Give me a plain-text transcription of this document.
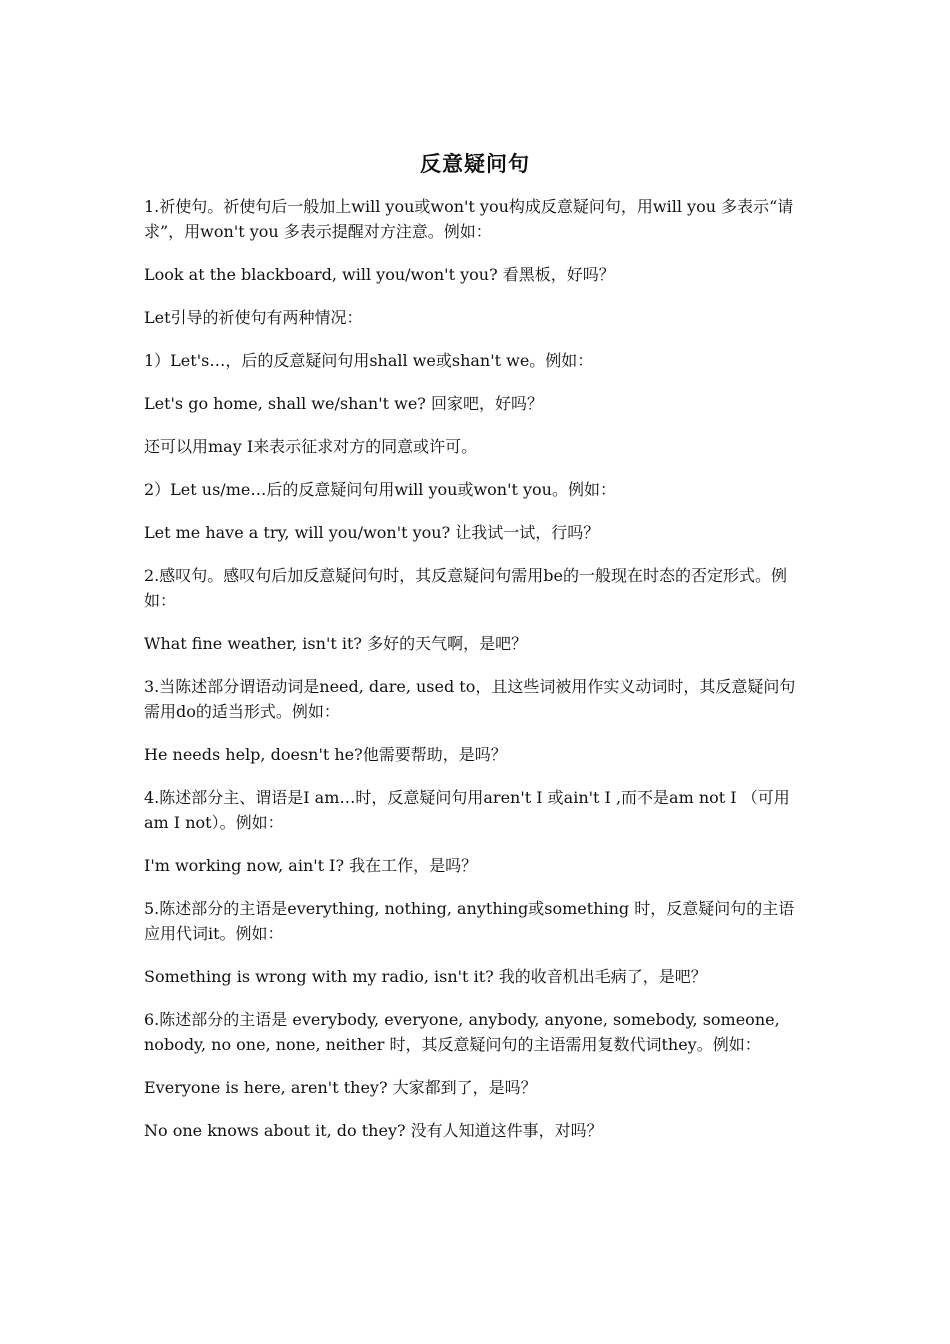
反意疑问句

1.祈使句。祈使句后一般加上will you或won't you构成反意疑问句，用will you 多表示“请求”，用won't you 多表示提醒对方注意。例如：

Look at the blackboard, will you/won't you? 看黑板，好吗？

Let引导的祈使句有两种情况：

1）Let's…，后的反意疑问句用shall we或shan't we。例如：

Let's go home, shall we/shan't we? 回家吧，好吗？

还可以用may I来表示征求对方的同意或许可。

2）Let us/me…后的反意疑问句用will you或won't you。例如：

Let me have a try, will you/won't you? 让我试一试，行吗？

2.感叹句。感叹句后加反意疑问句时，其反意疑问句需用be的一般现在时态的否定形式。例如：

What fine weather, isn't it? 多好的天气啊，是吧？

3.当陈述部分谓语动词是need, dare, used to，且这些词被用作实义动词时，其反意疑问句需用do的适当形式。例如：

He needs help, doesn't he?他需要帮助，是吗？

4.陈述部分主、谓语是I am…时，反意疑问句用aren't I 或ain't I ,而不是am not I （可用am I not）。例如：

I'm working now, ain't I? 我在工作，是吗？

5.陈述部分的主语是everything, nothing, anything或something 时，反意疑问句的主语应用代词it。例如：

Something is wrong with my radio, isn't it? 我的收音机出毛病了，是吧？

6.陈述部分的主语是 everybody, everyone, anybody, anyone, somebody, someone, nobody, no one, none, neither 时，其反意疑问句的主语需用复数代词they。例如：

Everyone is here, aren't they? 大家都到了，是吗？

No one knows about it, do they? 没有人知道这件事，对吗？
